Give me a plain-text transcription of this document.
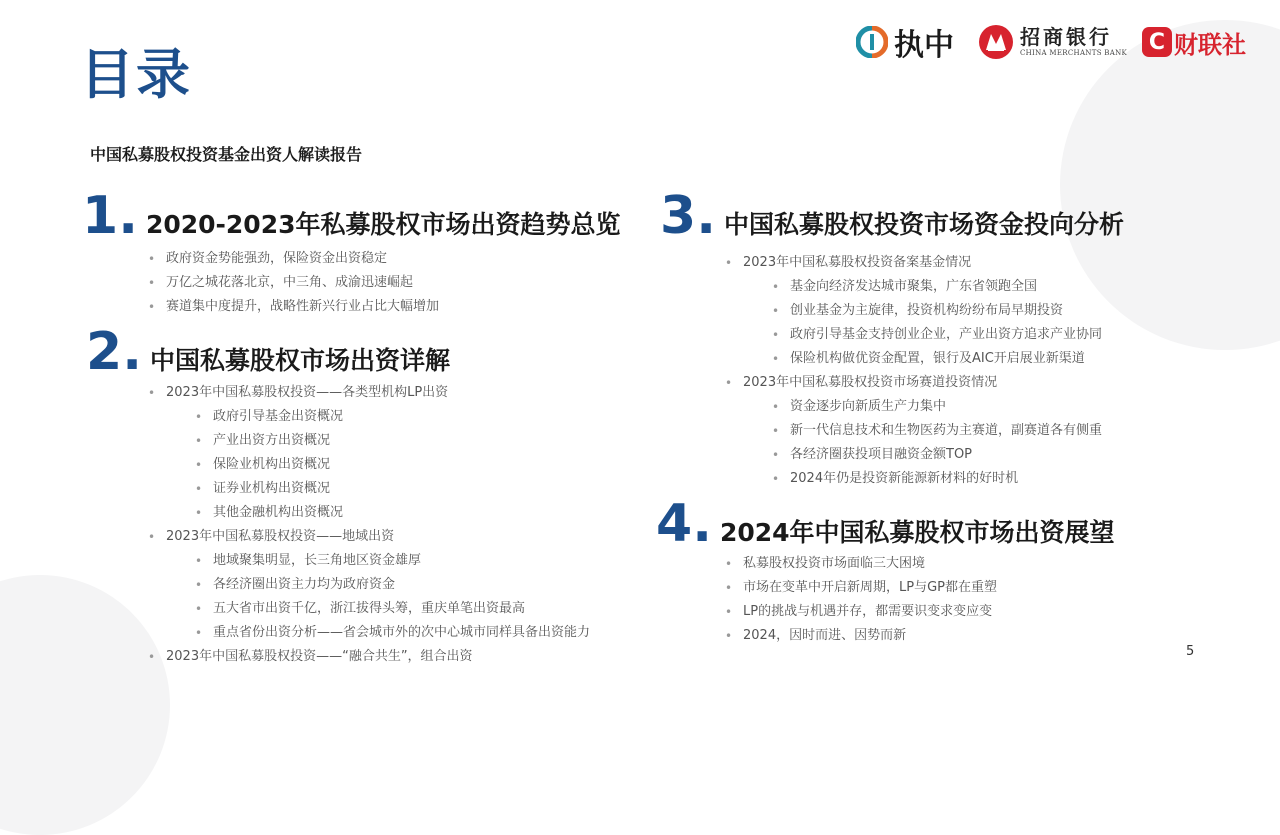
目录
中国私募股权投资基金出资人解读报告
执中	招商银行
CHINA MERCHANTS BANK C 财联社
1 . 2020-2023年私募股权市场出资趋势总览
• 政府资金势能强劲，保险资金出资稳定
• 万亿之城花落北京，中三角、成渝迅速崛起
• 赛道集中度提升，战略性新兴行业占比大幅增加
2 . 中国私募股权市场出资详解
• 2023年中国私募股权投资——各类型机构LP出资
• 政府引导基金出资概况
• 产业出资方出资概况
• 保险业机构出资概况
• 证券业机构出资概况
• 其他金融机构出资概况
• 2023年中国私募股权投资——地域出资
• 地域聚集明显，长三角地区资金雄厚
• 各经济圈出资主力均为政府资金
• 五大省市出资千亿，浙江拔得头筹，重庆单笔出资最高
• 重点省份出资分析——省会城市外的次中心城市同样具备出资能力
• 2023年中国私募股权投资——“融合共生”，组合出资
3 . 中国私募股权投资市场资金投向分析
• 2023年中国私募股权投资备案基金情况
• 基金向经济发达城市聚集，广东省领跑全国
• 创业基金为主旋律，投资机构纷纷布局早期投资
• 政府引导基金支持创业企业，产业出资方追求产业协同
• 保险机构做优资金配置，银行及AIC开启展业新渠道
• 2023年中国私募股权投资市场赛道投资情况
• 资金逐步向新质生产力集中
• 新一代信息技术和生物医药为主赛道，副赛道各有侧重
• 各经济圈获投项目融资金额TOP
• 2024年仍是投资新能源新材料的好时机
4 . 2024年中国私募股权市场出资展望
• 私募股权投资市场面临三大困境
• 市场在变革中开启新周期，LP与GP都在重塑
• LP的挑战与机遇并存，都需要识变求变应变
• 2024，因时而进、因势而新
5
